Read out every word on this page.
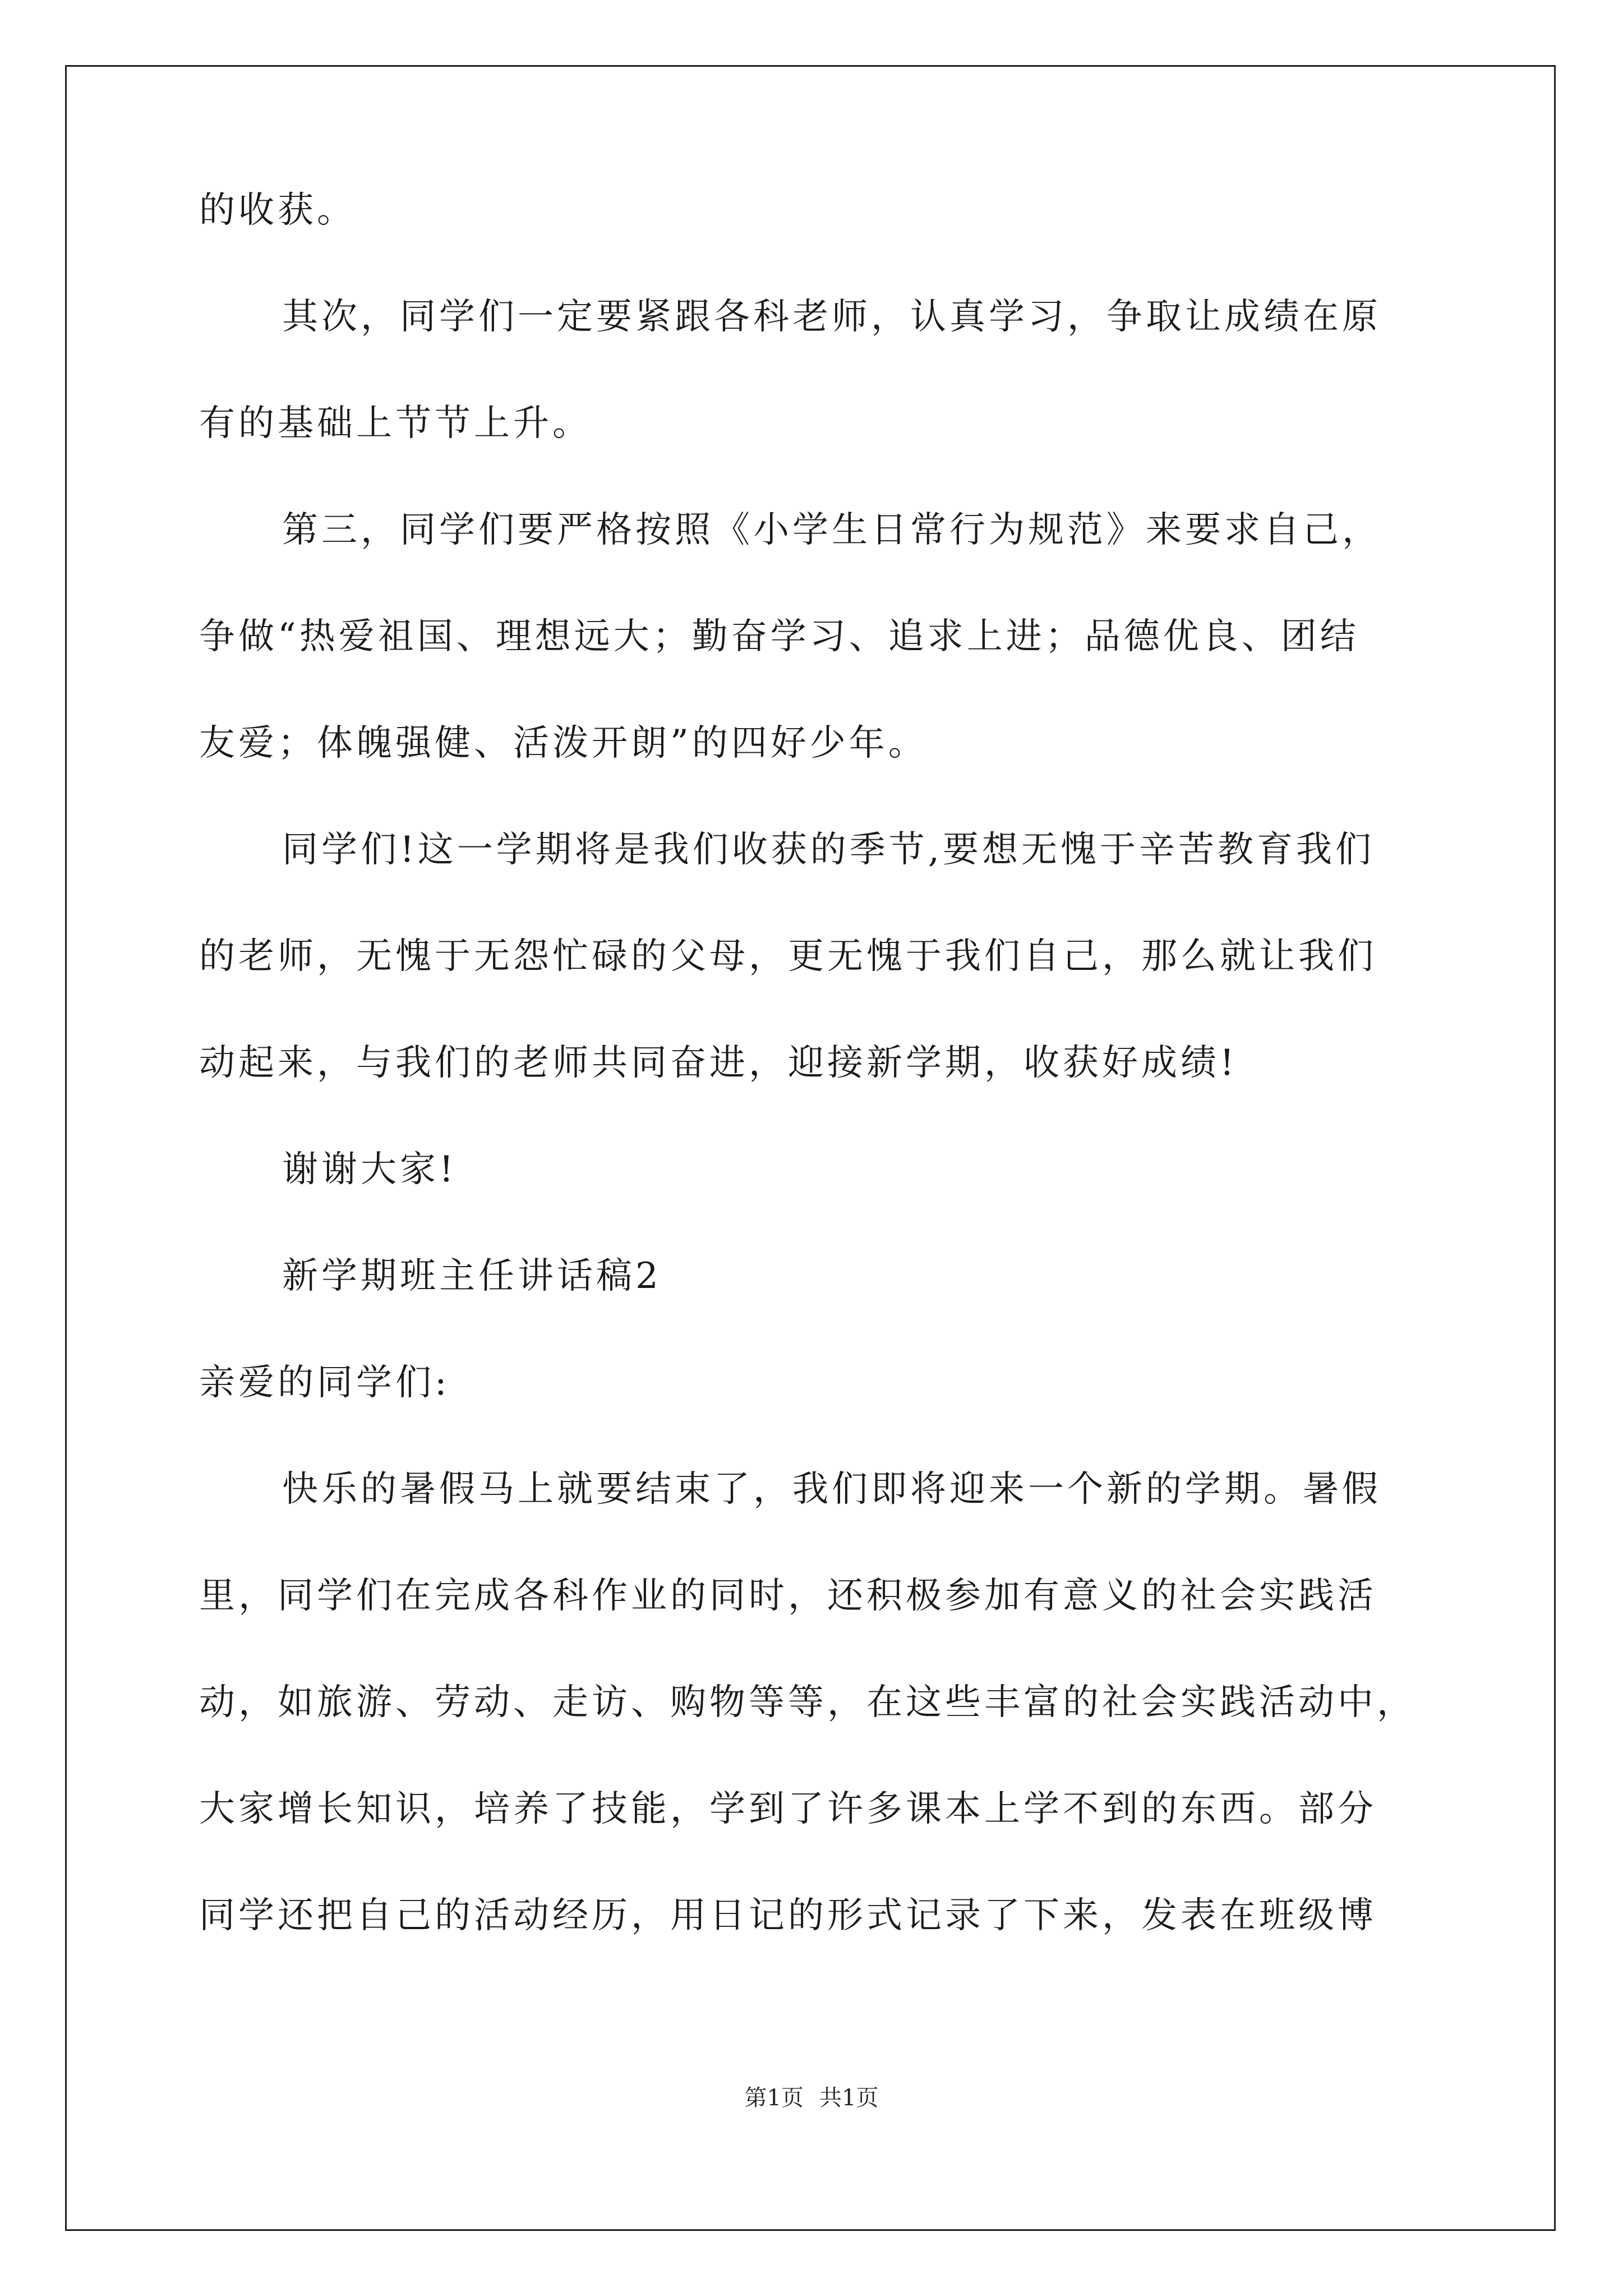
的收获。
其次，同学们一定要紧跟各科老师，认真学习，争取让成绩在原
有的基础上节节上升。
第三，同学们要严格按照《小学生日常行为规范》来要求自己，
争做“热爱祖国、理想远大；勤奋学习、追求上进；品德优良、团结
友爱；体魄强健、活泼开朗”的四好少年。
同学们!这一学期将是我们收获的季节,要想无愧于辛苦教育我们
的老师，无愧于无怨忙碌的父母，更无愧于我们自己，那么就让我们
动起来，与我们的老师共同奋进，迎接新学期，收获好成绩!
谢谢大家!
新学期班主任讲话稿2
亲爱的同学们:
快乐的暑假马上就要结束了，我们即将迎来一个新的学期。暑假
里，同学们在完成各科作业的同时，还积极参加有意义的社会实践活
动，如旅游、劳动、走访、购物等等，在这些丰富的社会实践活动中，
大家增长知识，培养了技能，学到了许多课本上学不到的东西。部分
同学还把自己的活动经历，用日记的形式记录了下来，发表在班级博
第1页 共1页
